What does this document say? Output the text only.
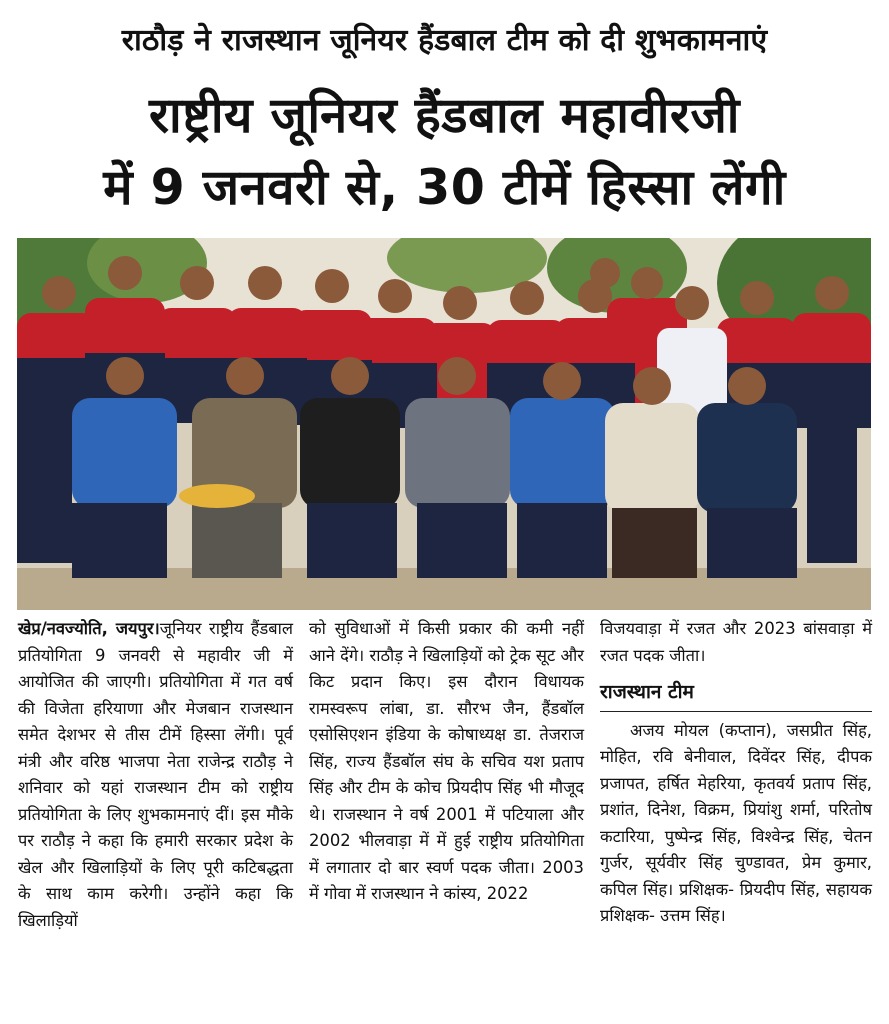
राठौड़ ने राजस्थान जूनियर हैंडबाल टीम को दी शुभकामनाएं
राष्ट्रीय जूनियर हैंडबाल महावीरजी
में 9 जनवरी से, 30 टीमें हिस्सा लेंगी

खेप्र/नवज्योति, जयपुर।जूनियर राष्ट्रीय हैंडबाल प्रतियोगिता 9 जनवरी से महावीर जी में आयोजित की जाएगी। प्रतियोगिता में गत वर्ष की विजेता हरियाणा और मेजबान राजस्थान समेत देशभर से तीस टीमें हिस्सा लेंगी। पूर्व मंत्री और वरिष्ठ भाजपा नेता राजेन्द्र राठौड़ ने शनिवार को यहां राजस्थान टीम को राष्ट्रीय प्रतियोगिता के लिए शुभकामनाएं दीं। इस मौके पर राठौड़ ने कहा कि हमारी सरकार प्रदेश के खेल और खिलाड़ियों के लिए पूरी कटिबद्धता के साथ काम करेगी। उन्होंने कहा कि खिलाड़ियों

को सुविधाओं में किसी प्रकार की कमी नहीं आने देंगे। राठौड़ ने खिलाड़ियों को ट्रेक सूट और किट प्रदान किए। इस दौरान विधायक रामस्वरूप लांबा, डा. सौरभ जैन, हैंडबॉल एसोसिएशन इंडिया के कोषाध्यक्ष डा. तेजराज सिंह, राज्य हैंडबॉल संघ के सचिव यश प्रताप सिंह और टीम के कोच प्रियदीप सिंह भी मौजूद थे। राजस्थान ने वर्ष 2001 में पटियाला और 2002 भीलवाड़ा में में हुई राष्ट्रीय प्रतियोगिता में लगातार दो बार स्वर्ण पदक जीता। 2003 में गोवा में राजस्थान ने कांस्य, 2022

विजयवाड़ा में रजत और 2023 बांसवाड़ा में रजत पदक जीता।

राजस्थान टीम

अजय मोयल (कप्तान), जसप्रीत सिंह, मोहित, रवि बेनीवाल, दिवेंदर सिंह, दीपक प्रजापत, हर्षित मेहरिया, कृतवर्य प्रताप सिंह, प्रशांत, दिनेश, विक्रम, प्रियांशु शर्मा, परितोष कटारिया, पुष्पेन्द्र सिंह, विश्वेन्द्र सिंह, चेतन गुर्जर, सूर्यवीर सिंह चुण्डावत, प्रेम कुमार, कपिल सिंह। प्रशिक्षक- प्रियदीप सिंह, सहायक प्रशिक्षक- उत्तम सिंह।
